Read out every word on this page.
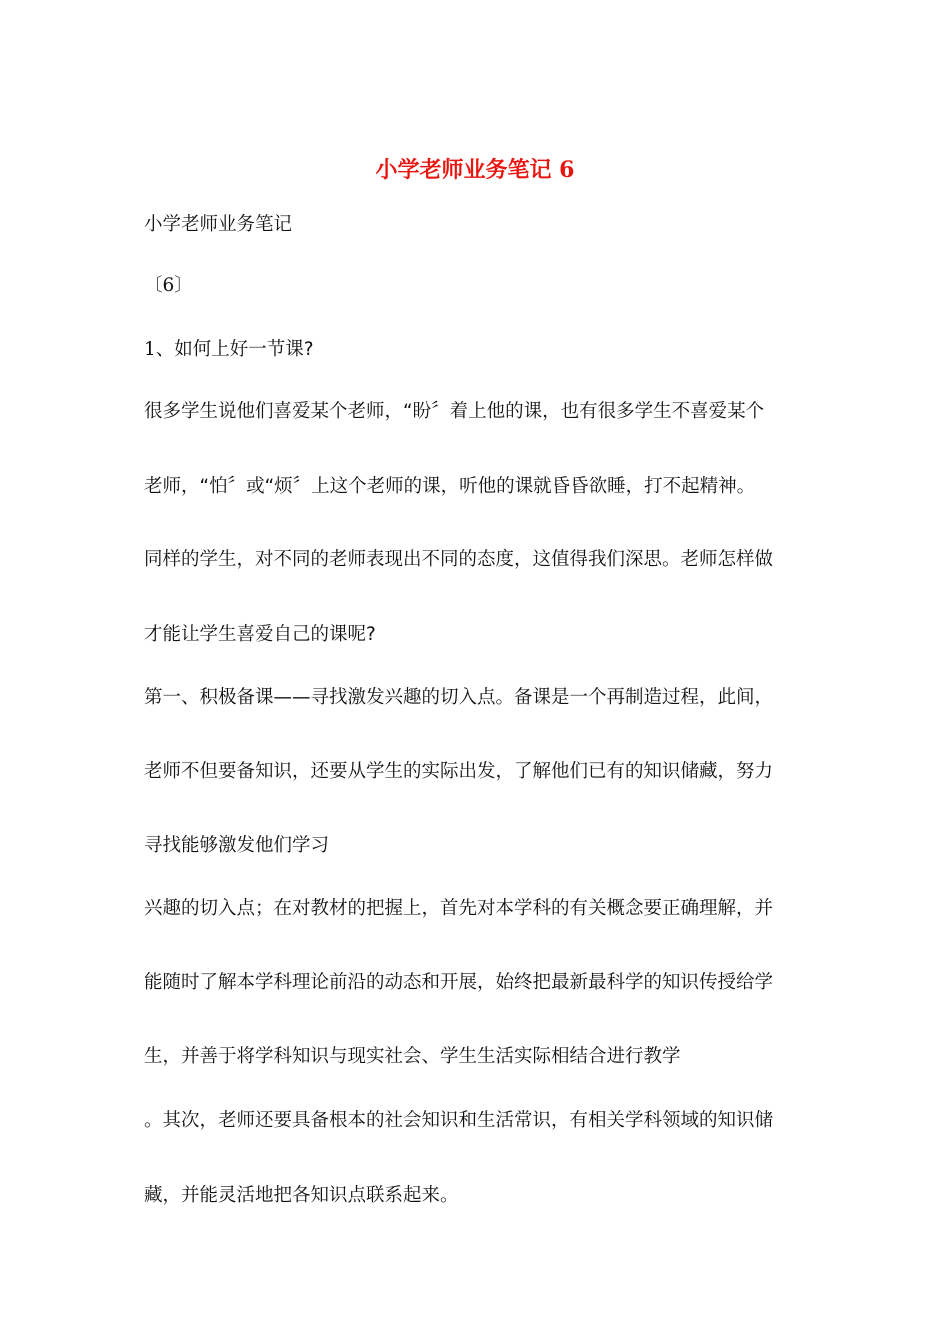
小学老师业务笔记 6
小学老师业务笔记
〔6〕
1、如何上好一节课?
很多学生说他们喜爱某个老师，“盼〞着上他的课，也有很多学生不喜爱某个
老师，“怕〞或“烦〞上这个老师的课，听他的课就昏昏欲睡，打不起精神。
同样的学生，对不同的老师表现出不同的态度，这值得我们深思。老师怎样做
才能让学生喜爱自己的课呢?
第一、积极备课——寻找激发兴趣的切入点。备课是一个再制造过程，此间，
老师不但要备知识，还要从学生的实际出发，了解他们已有的知识储藏，努力
寻找能够激发他们学习
兴趣的切入点；在对教材的把握上，首先对本学科的有关概念要正确理解，并
能随时了解本学科理论前沿的动态和开展，始终把最新最科学的知识传授给学
生，并善于将学科知识与现实社会、学生生活实际相结合进行教学
。其次，老师还要具备根本的社会知识和生活常识，有相关学科领域的知识储
藏，并能灵活地把各知识点联系起来。
